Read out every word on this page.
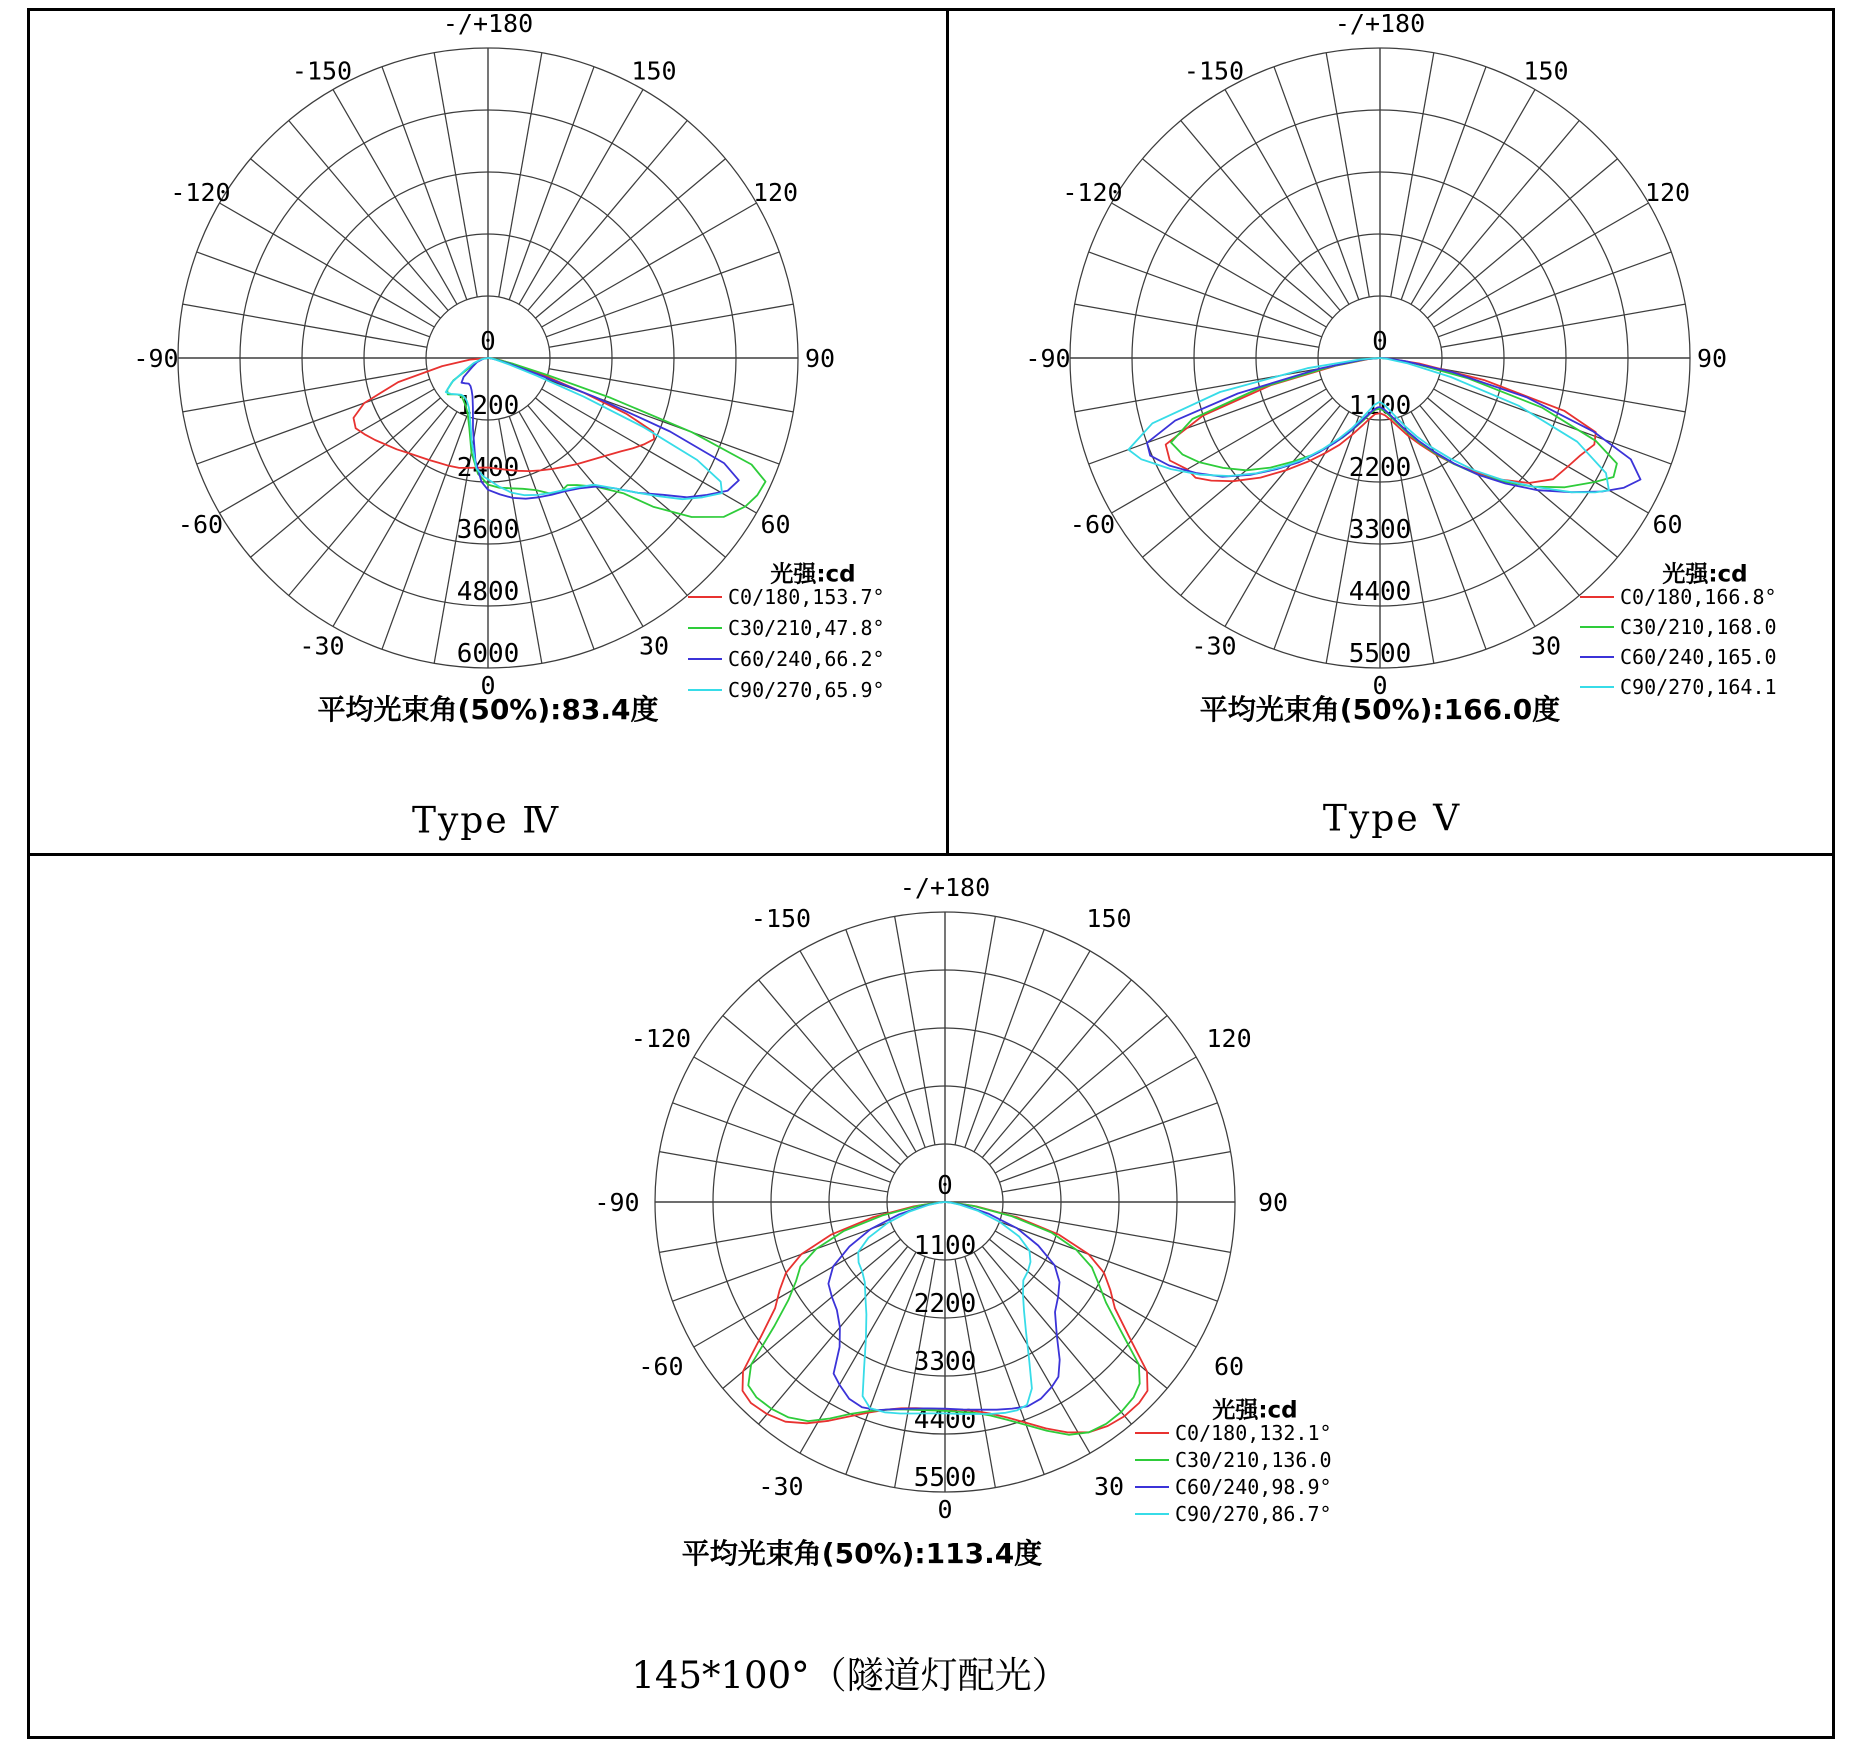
-150
-120
-90
-60
-30	30
60
90
120
150
-/+180
0
0
1200
2400
3600
4800
6000
-150
-120
-90
-60
-30	30
60
90
120
150
-/+180
0
0
1100
2200
3300
4400
5500
-150
-120
-90
-60
-30	30
60
90
120
150
-/+180
0
0
1100
2200
3300
4400
5500
平均光束角(50%):83.4度	平均光束角(50%):166.0度
平均光束角(50%):113.4度
光强:cd	光强:cd
光强:cd
C0/180,153.7°
C30/210,47.8°
C60/240,66.2°
C90/270,65.9°
C0/180,166.8°
C30/210,168.0
C60/240,165.0
C90/270,164.1
C0/180,132.1°
C30/210,136.0
C60/240,98.9°
C90/270,86.7°
Type Ⅳ	Type Ⅴ
145*100°（隧道灯配光）
